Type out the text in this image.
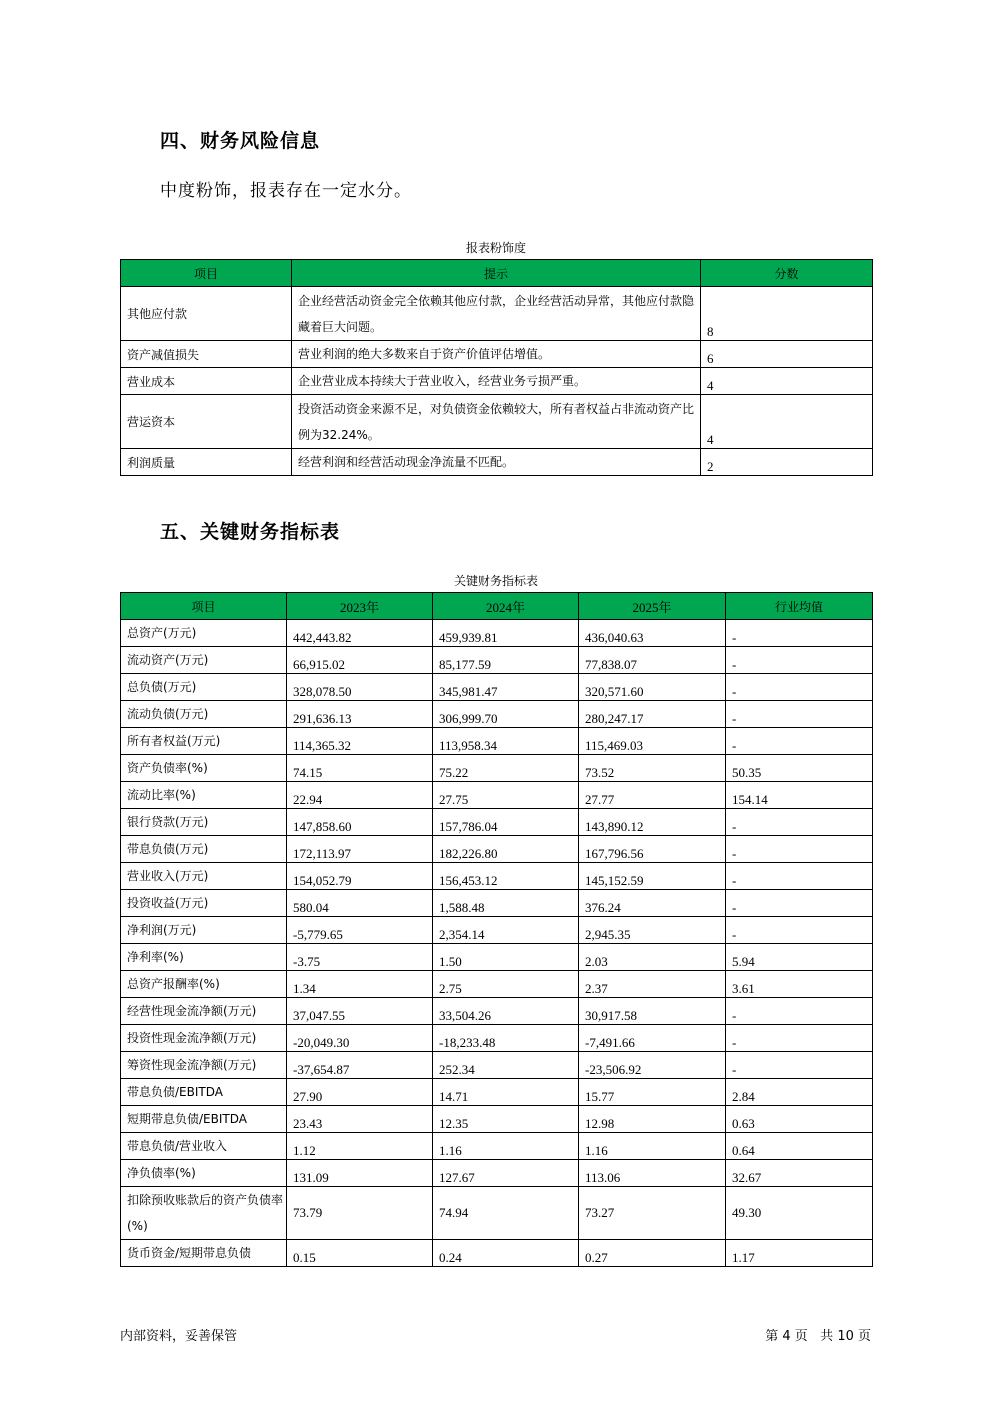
四、财务风险信息
中度粉饰，报表存在一定水分。
报表粉饰度
项目	提示	分数
其他应付款	企业经营活动资金完全依赖其他应付款，企业经营活动异常，其他应付款隐藏着巨大问题。	8
资产减值损失	营业利润的绝大多数来自于资产价值评估增值。	6
营业成本	企业营业成本持续大于营业收入，经营业务亏损严重。	4
营运资本	投资活动资金来源不足，对负债资金依赖较大，所有者权益占非流动资产比例为32.24%。	4
利润质量	经营利润和经营活动现金净流量不匹配。	2
五、关键财务指标表
关键财务指标表
项目	2023年	2024年	2025年	行业均值
总资产(万元)	442,443.82	459,939.81	436,040.63	-
流动资产(万元)	66,915.02	85,177.59	77,838.07	-
总负债(万元)	328,078.50	345,981.47	320,571.60	-
流动负债(万元)	291,636.13	306,999.70	280,247.17	-
所有者权益(万元)	114,365.32	113,958.34	115,469.03	-
资产负债率(%)	74.15	75.22	73.52	50.35
流动比率(%)	22.94	27.75	27.77	154.14
银行贷款(万元)	147,858.60	157,786.04	143,890.12	-
带息负债(万元)	172,113.97	182,226.80	167,796.56	-
营业收入(万元)	154,052.79	156,453.12	145,152.59	-
投资收益(万元)	580.04	1,588.48	376.24	-
净利润(万元)	-5,779.65	2,354.14	2,945.35	-
净利率(%)	-3.75	1.50	2.03	5.94
总资产报酬率(%)	1.34	2.75	2.37	3.61
经营性现金流净额(万元)	37,047.55	33,504.26	30,917.58	-
投资性现金流净额(万元)	-20,049.30	-18,233.48	-7,491.66	-
筹资性现金流净额(万元)	-37,654.87	252.34	-23,506.92	-
带息负债/EBITDA	27.90	14.71	15.77	2.84
短期带息负债/EBITDA	23.43	12.35	12.98	0.63
带息负债/营业收入	1.12	1.16	1.16	0.64
净负债率(%)	131.09	127.67	113.06	32.67
扣除预收账款后的资产负债率(%)	73.79	74.94	73.27	49.30
货币资金/短期带息负债	0.15	0.24	0.27	1.17
内部资料，妥善保管	第 4 页   共 10 页
